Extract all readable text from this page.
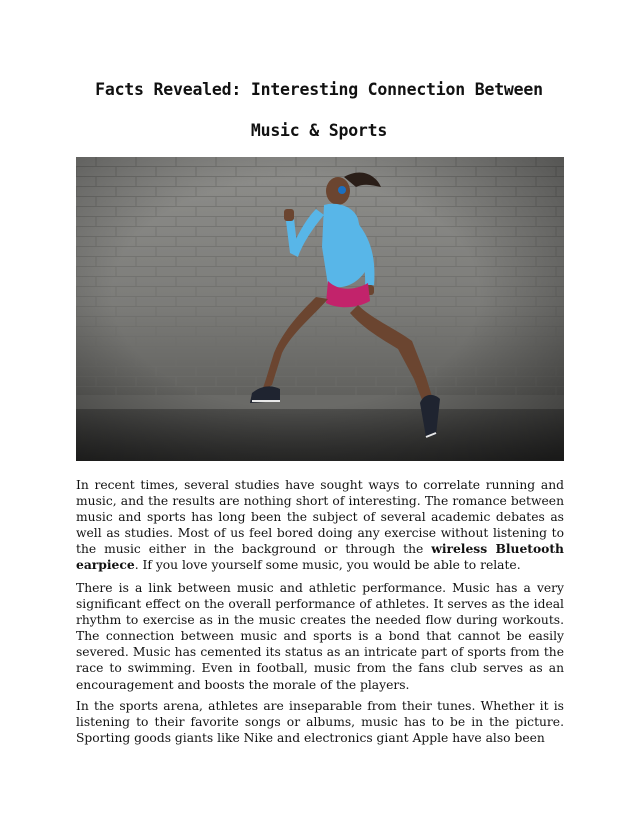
Facts Revealed: Interesting Connection Between
Music & Sports

In recent times, several studies have sought ways to correlate running and music, and the results are nothing short of interesting. The romance between music and sports has long been the subject of several academic debates as well as studies. Most of us feel bored doing any exercise without listening to the music either in the background or through the wireless Bluetooth earpiece. If you love yourself some music, you would be able to relate.

There is a link between music and athletic performance. Music has a very significant effect on the overall performance of athletes. It serves as the ideal rhythm to exercise as in the music creates the needed flow during workouts. The connection between music and sports is a bond that cannot be easily severed. Music has cemented its status as an intricate part of sports from the race to swimming. Even in football, music from the fans club serves as an encouragement and boosts the morale of the players.

In the sports arena, athletes are inseparable from their tunes. Whether it is listening to their favorite songs or albums, music has to be in the picture. Sporting goods giants like Nike and electronics giant Apple have also been
